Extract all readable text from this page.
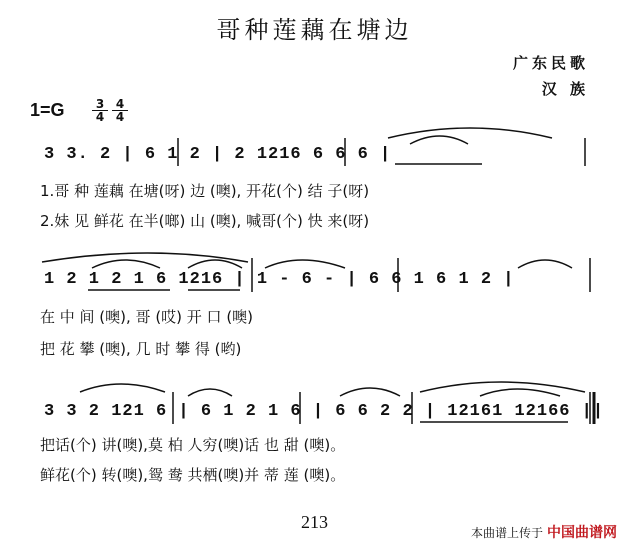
哥种莲藕在塘边
广东民歌
汉 族
1=G	3
4
4
4
3 3. 2 | 6 1 2 | 2 1216 6 6 6 |
1.哥 种 莲藕 在塘(呀) 边 (噢), 开花(个) 结 子(呀)
2.妹 见 鲜花 在半(啷) 山 (噢), 喊哥(个) 快 来(呀)
1 2 1 2 1 6 1216 | 1 - 6 - | 6 6 1 6 1 2 |
在 中 间 (噢), 哥 (哎) 开 口 (噢)
把 花 攀 (噢), 几 时 攀 得 (哟)
3 3 2 121 6 | 6 1 2 1 6 | 6 6 2 2 | 12161 12166 ||
把话(个) 讲(噢),莫 柏 人穷(噢)话 也 甜 (噢)。
鲜花(个) 转(噢),鸳 鸯 共栖(噢)并 蒂 莲 (噢)。
213
本曲谱上传于 中国曲谱网
